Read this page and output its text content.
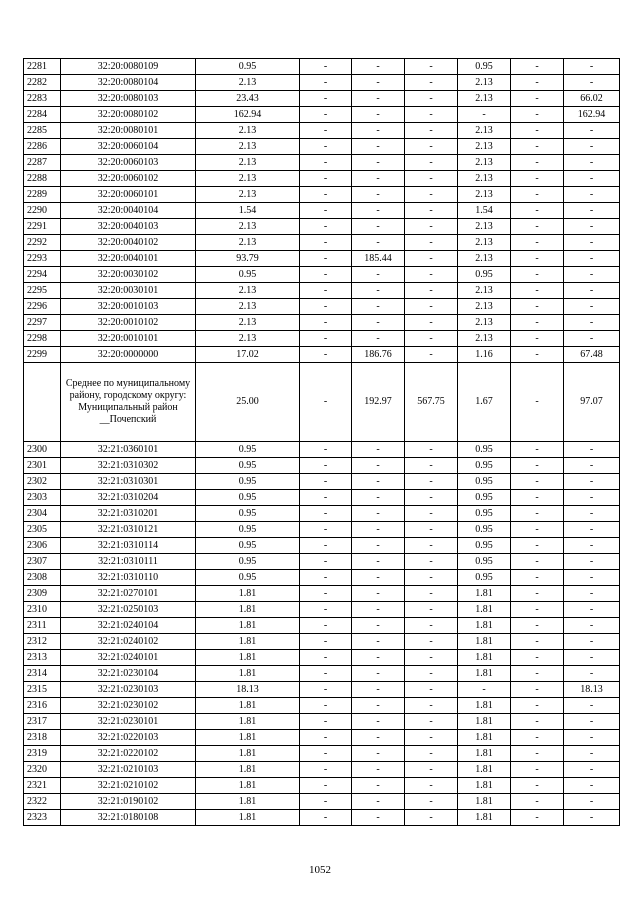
2281	32:20:0080109	0.95	-	-	-	0.95	-	-
2282	32:20:0080104	2.13	-	-	-	2.13	-	-
2283	32:20:0080103	23.43	-	-	-	2.13	-	66.02
2284	32:20:0080102	162.94	-	-	-	-	-	162.94
2285	32:20:0080101	2.13	-	-	-	2.13	-	-
2286	32:20:0060104	2.13	-	-	-	2.13	-	-
2287	32:20:0060103	2.13	-	-	-	2.13	-	-
2288	32:20:0060102	2.13	-	-	-	2.13	-	-
2289	32:20:0060101	2.13	-	-	-	2.13	-	-
2290	32:20:0040104	1.54	-	-	-	1.54	-	-
2291	32:20:0040103	2.13	-	-	-	2.13	-	-
2292	32:20:0040102	2.13	-	-	-	2.13	-	-
2293	32:20:0040101	93.79	-	185.44	-	2.13	-	-
2294	32:20:0030102	0.95	-	-	-	0.95	-	-
2295	32:20:0030101	2.13	-	-	-	2.13	-	-
2296	32:20:0010103	2.13	-	-	-	2.13	-	-
2297	32:20:0010102	2.13	-	-	-	2.13	-	-
2298	32:20:0010101	2.13	-	-	-	2.13	-	-
2299	32:20:0000000	17.02	-	186.76	-	1.16	-	67.48
	Среднее по муниципальному району, городскому округу: Муниципальный район __Почепский	25.00	-	192.97	567.75	1.67	-	97.07
2300	32:21:0360101	0.95	-	-	-	0.95	-	-
2301	32:21:0310302	0.95	-	-	-	0.95	-	-
2302	32:21:0310301	0.95	-	-	-	0.95	-	-
2303	32:21:0310204	0.95	-	-	-	0.95	-	-
2304	32:21:0310201	0.95	-	-	-	0.95	-	-
2305	32:21:0310121	0.95	-	-	-	0.95	-	-
2306	32:21:0310114	0.95	-	-	-	0.95	-	-
2307	32:21:0310111	0.95	-	-	-	0.95	-	-
2308	32:21:0310110	0.95	-	-	-	0.95	-	-
2309	32:21:0270101	1.81	-	-	-	1.81	-	-
2310	32:21:0250103	1.81	-	-	-	1.81	-	-
2311	32:21:0240104	1.81	-	-	-	1.81	-	-
2312	32:21:0240102	1.81	-	-	-	1.81	-	-
2313	32:21:0240101	1.81	-	-	-	1.81	-	-
2314	32:21:0230104	1.81	-	-	-	1.81	-	-
2315	32:21:0230103	18.13	-	-	-	-	-	18.13
2316	32:21:0230102	1.81	-	-	-	1.81	-	-
2317	32:21:0230101	1.81	-	-	-	1.81	-	-
2318	32:21:0220103	1.81	-	-	-	1.81	-	-
2319	32:21:0220102	1.81	-	-	-	1.81	-	-
2320	32:21:0210103	1.81	-	-	-	1.81	-	-
2321	32:21:0210102	1.81	-	-	-	1.81	-	-
2322	32:21:0190102	1.81	-	-	-	1.81	-	-
2323	32:21:0180108	1.81	-	-	-	1.81	-	-
1052
